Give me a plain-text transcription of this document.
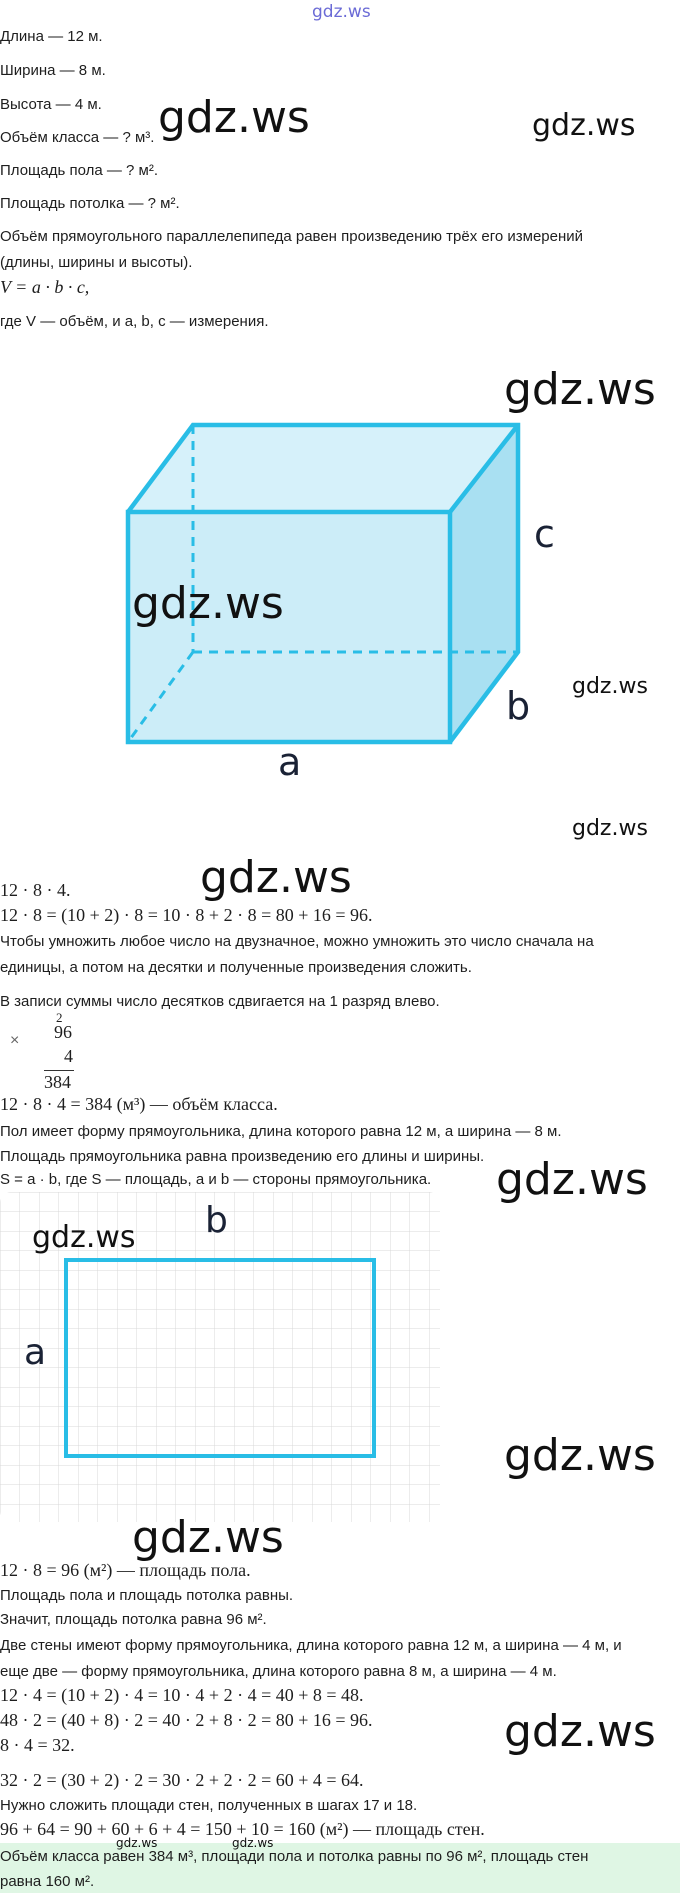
gdz.ws
Длина — 12 м.
Ширина — 8 м.
Высота — 4 м.
Объём класса — ? м³.
Площадь пола — ? м².
Площадь потолка — ? м².
gdz.ws	gdz.ws
Объём прямоугольного параллелепипеда равен произведению трёх его измерений
(длины, ширины и высоты).
V = a · b · c,
где V — объём, и a, b, c — измерения.
c
b
a
gdz.ws
gdz.ws
gdz.ws
gdz.ws
gdz.ws
12 · 8 · 4.
12 · 8 = (10 + 2) · 8 = 10 · 8 + 2 · 8 = 80 + 16 = 96.
Чтобы умножить любое число на двузначное, можно умножить это число сначала на
единицы, а потом на десятки и полученные произведения сложить.
В записи суммы число десятков сдвигается на 1 разряд влево.
2
× 96
4
384
12 · 8 · 4 = 384 (м³) — объём класса.
Пол имеет форму прямоугольника, длина которого равна 12 м, а ширина — 8 м.
Площадь прямоугольника равна произведению его длины и ширины.
S = a · b, где S — площадь, a и b — стороны прямоугольника. gdz.ws
b
a
gdz.ws
gdz.ws
gdz.ws
12 · 8 = 96 (м²) — площадь пола.
Площадь пола и площадь потолка равны.
Значит, площадь потолка равна 96 м².
Две стены имеют форму прямоугольника, длина которого равна 12 м, а ширина — 4 м, и
еще две — форму прямоугольника, длина которого равна 8 м, а ширина — 4 м.
12 · 4 = (10 + 2) · 4 = 10 · 4 + 2 · 4 = 40 + 8 = 48.
48 · 2 = (40 + 8) · 2 = 40 · 2 + 8 · 2 = 80 + 16 = 96.
8 · 4 = 32.	gdz.ws
32 · 2 = (30 + 2) · 2 = 30 · 2 + 2 · 2 = 60 + 4 = 64.
Нужно сложить площади стен, полученных в шагах 17 и 18.
96 + 64 = 90 + 60 + 6 + 4 = 150 + 10 = 160 (м²) — площадь стен.
Объём класса равен 384 м³, площади пола и потолка равны по 96 м², площадь стен
равна 160 м².
gdz.ws	gdz.ws
